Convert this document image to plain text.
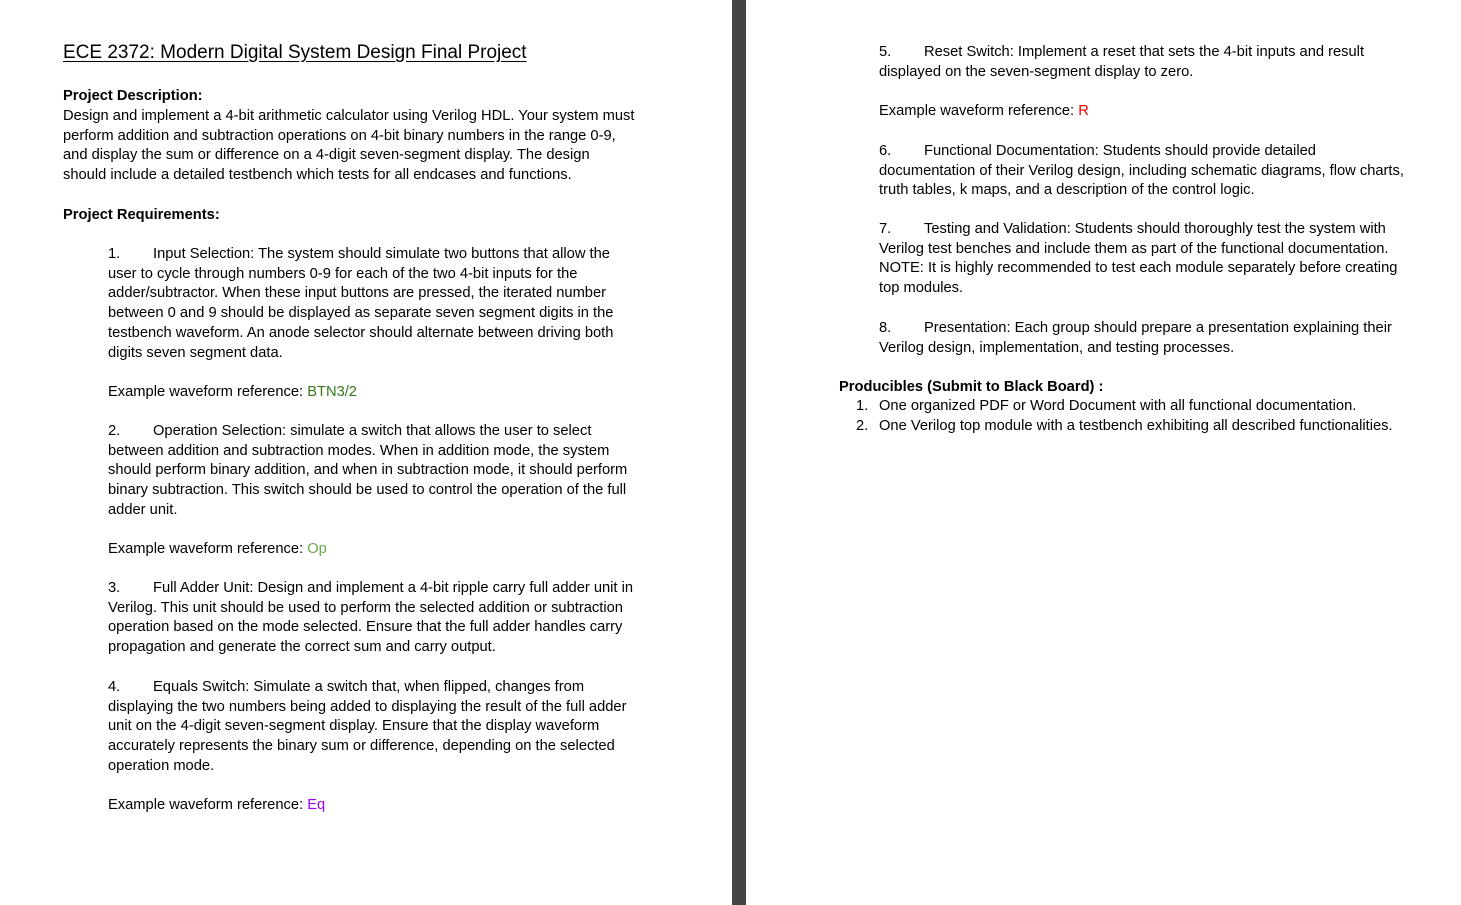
ECE 2372: Modern Digital System Design Final Project
Project Description:
Design and implement a 4-bit arithmetic calculator using Verilog HDL. Your system must
perform addition and subtraction operations on 4-bit binary numbers in the range 0-9,
and display the sum or difference on a 4-digit seven-segment display. The design
should include a detailed testbench which tests for all endcases and functions.
Project Requirements:
1. Input Selection: The system should simulate two buttons that allow the
user to cycle through numbers 0-9 for each of the two 4-bit inputs for the
adder/subtractor. When these input buttons are pressed, the iterated number
between 0 and 9 should be displayed as separate seven segment digits in the
testbench waveform. An anode selector should alternate between driving both
digits seven segment data.
Example waveform reference: BTN3/2
2. Operation Selection: simulate a switch that allows the user to select
between addition and subtraction modes. When in addition mode, the system
should perform binary addition, and when in subtraction mode, it should perform
binary subtraction. This switch should be used to control the operation of the full
adder unit.
Example waveform reference: Op
3. Full Adder Unit: Design and implement a 4-bit ripple carry full adder unit in
Verilog. This unit should be used to perform the selected addition or subtraction
operation based on the mode selected. Ensure that the full adder handles carry
propagation and generate the correct sum and carry output.
4. Equals Switch: Simulate a switch that, when flipped, changes from
displaying the two numbers being added to displaying the result of the full adder
unit on the 4-digit seven-segment display. Ensure that the display waveform
accurately represents the binary sum or difference, depending on the selected
operation mode.
Example waveform reference: Eq
5. Reset Switch: Implement a reset that sets the 4-bit inputs and result
displayed on the seven-segment display to zero.
Example waveform reference: R
6. Functional Documentation: Students should provide detailed
documentation of their Verilog design, including schematic diagrams, flow charts,
truth tables, k maps, and a description of the control logic.
7. Testing and Validation: Students should thoroughly test the system with
Verilog test benches and include them as part of the functional documentation.
NOTE: It is highly recommended to test each module separately before creating
top modules.
8. Presentation: Each group should prepare a presentation explaining their
Verilog design, implementation, and testing processes.
Producibles (Submit to Black Board) :
1. One organized PDF or Word Document with all functional documentation.
2. One Verilog top module with a testbench exhibiting all described functionalities.
